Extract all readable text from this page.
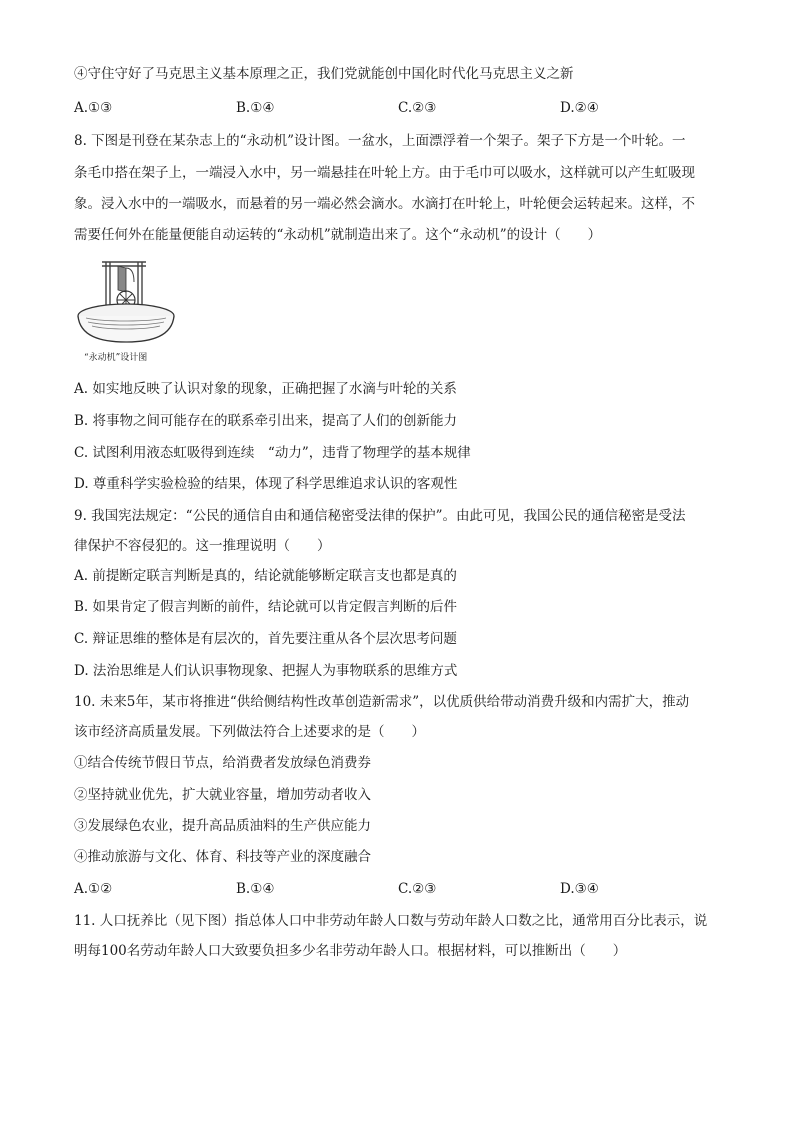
④守住守好了马克思主义基本原理之正，我们党就能创中国化时代化马克思主义之新
A.①③	B.①④	C.②③	D.②④
8. 下图是刊登在某杂志上的“永动机”设计图。一盆水，上面漂浮着一个架子。架子下方是一个叶轮。一
条毛巾搭在架子上，一端浸入水中，另一端悬挂在叶轮上方。由于毛巾可以吸水，这样就可以产生虹吸现
象。浸入水中的一端吸水，而悬着的另一端必然会滴水。水滴打在叶轮上，叶轮便会运转起来。这样，不
需要任何外在能量便能自动运转的“永动机”就制造出来了。这个“永动机”的设计（　　）
“永动机”设计图
A. 如实地反映了认识对象的现象，正确把握了水滴与叶轮的关系
B. 将事物之间可能存在的联系牵引出来，提高了人们的创新能力
C. 试图利用液态虹吸得到连续　“动力”，违背了物理学的基本规律
D. 尊重科学实验检验的结果，体现了科学思维追求认识的客观性
9. 我国宪法规定：“公民的通信自由和通信秘密受法律的保护”。由此可见，我国公民的通信秘密是受法
律保护不容侵犯的。这一推理说明（　　）
A. 前提断定联言判断是真的，结论就能够断定联言支也都是真的
B. 如果肯定了假言判断的前件，结论就可以肯定假言判断的后件
C. 辩证思维的整体是有层次的，首先要注重从各个层次思考问题
D. 法治思维是人们认识事物现象、把握人为事物联系的思维方式
10. 未来5年，某市将推进“供给侧结构性改革创造新需求”，以优质供给带动消费升级和内需扩大，推动
该市经济高质量发展。下列做法符合上述要求的是（　　）
①结合传统节假日节点，给消费者发放绿色消费券
②坚持就业优先，扩大就业容量，增加劳动者收入
③发展绿色农业，提升高品质油料的生产供应能力
④推动旅游与文化、体育、科技等产业的深度融合
A.①②	B.①④	C.②③	D.③④
11. 人口抚养比（见下图）指总体人口中非劳动年龄人口数与劳动年龄人口数之比，通常用百分比表示，说
明每100名劳动年龄人口大致要负担多少名非劳动年龄人口。根据材料，可以推断出（　　）
